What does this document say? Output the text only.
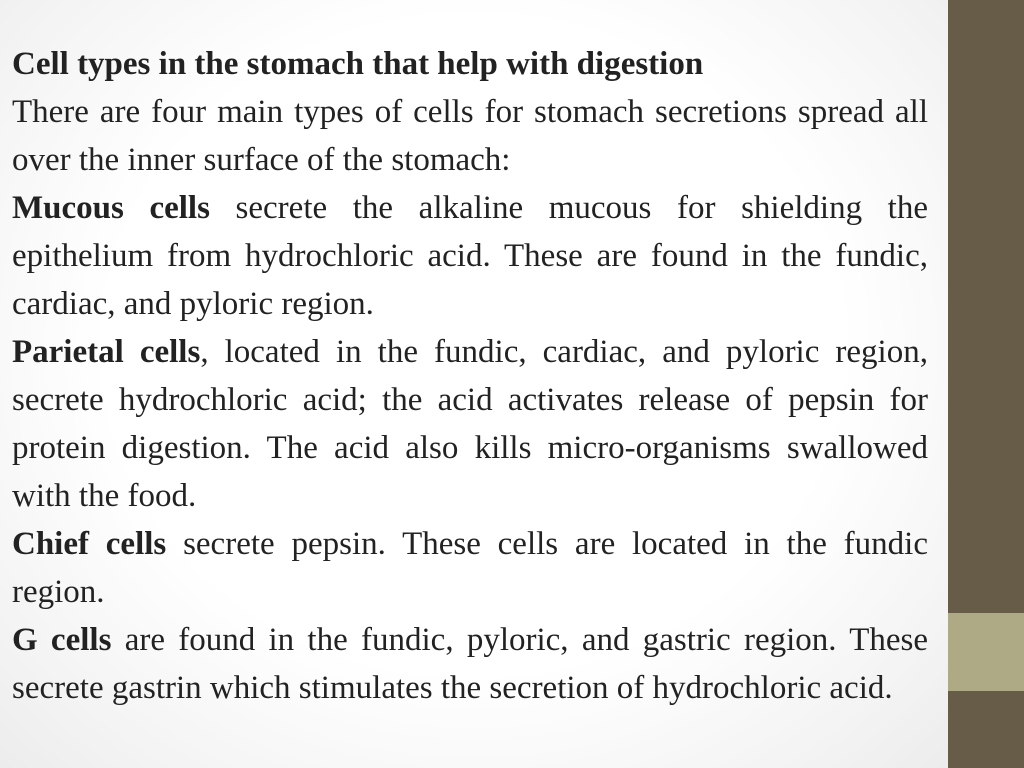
Cell types in the stomach that help with digestion

There are four main types of cells for stomach secretions spread all over the inner surface of the stomach:

Mucous cells secrete the alkaline mucous for shielding the epithelium from hydrochloric acid. These are found in the fundic, cardiac, and pyloric region.

Parietal cells, located in the fundic, cardiac, and pyloric region, secrete hydrochloric acid; the acid activates release of pepsin for protein digestion. The acid also kills micro-organisms swallowed with the food.

Chief cells secrete pepsin. These cells are located in the fundic region.

G cells are found in the fundic, pyloric, and gastric region. These secrete gastrin which stimulates the secretion of hydrochloric acid.
